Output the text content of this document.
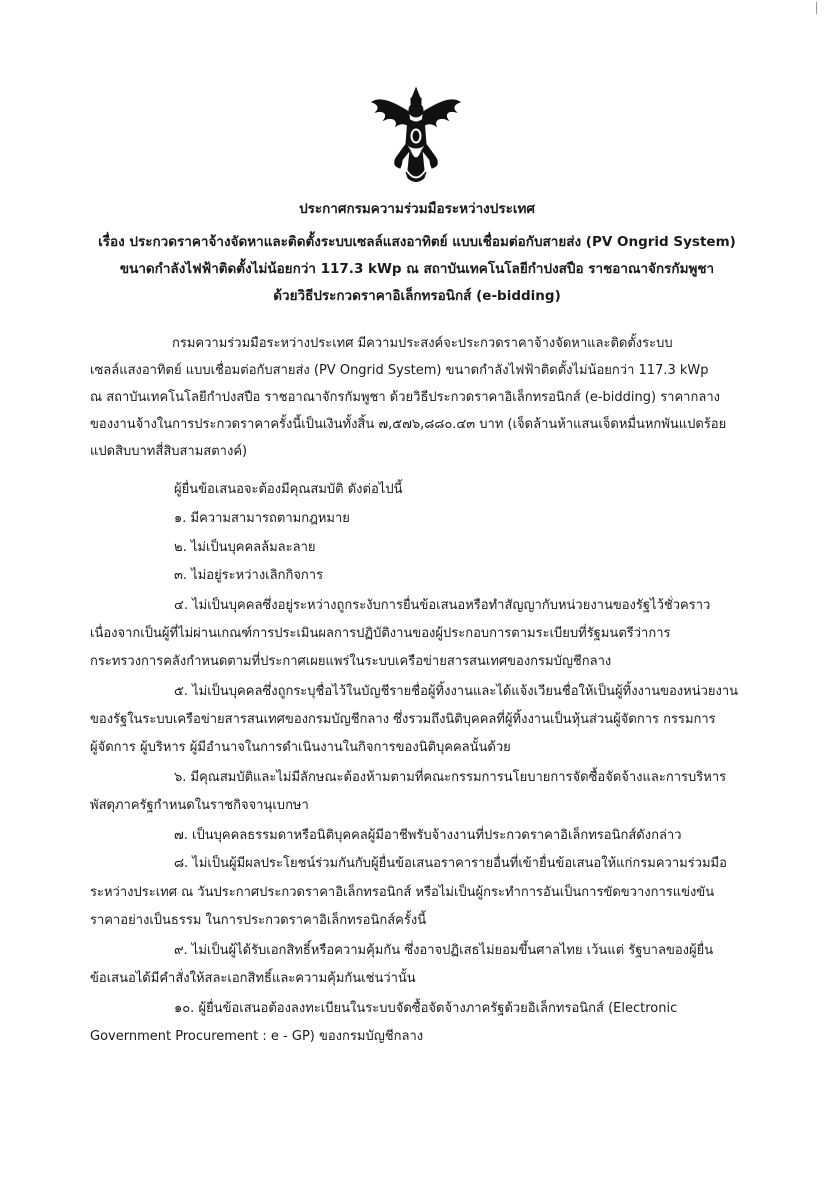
ประกาศกรมความร่วมมือระหว่างประเทศ
เรื่อง ประกวดราคาจ้างจัดหาและติดตั้งระบบเซลล์แสงอาทิตย์ แบบเชื่อมต่อกับสายส่ง (PV Ongrid System)
ขนาดกำลังไฟฟ้าติดตั้งไม่น้อยกว่า 117.3 kWp ณ สถาบันเทคโนโลยีกำปงสปือ ราชอาณาจักรกัมพูชา
ด้วยวิธีประกวดราคาอิเล็กทรอนิกส์ (e-bidding)
กรมความร่วมมือระหว่างประเทศ มีความประสงค์จะประกวดราคาจ้างจัดหาและติดตั้งระบบ
เซลล์แสงอาทิตย์ แบบเชื่อมต่อกับสายส่ง (PV Ongrid System) ขนาดกำลังไฟฟ้าติดตั้งไม่น้อยกว่า 117.3 kWp
ณ สถาบันเทคโนโลยีกำปงสปือ ราชอาณาจักรกัมพูชา ด้วยวิธีประกวดราคาอิเล็กทรอนิกส์ (e-bidding) ราคากลาง
ของงานจ้างในการประกวดราคาครั้งนี้เป็นเงินทั้งสิ้น ๗,๕๗๖,๘๘๐.๔๓ บาท (เจ็ดล้านห้าแสนเจ็ดหมื่นหกพันแปดร้อย
แปดสิบบาทสี่สิบสามสตางค์)
ผู้ยื่นข้อเสนอจะต้องมีคุณสมบัติ ดังต่อไปนี้
๑. มีความสามารถตามกฎหมาย
๒. ไม่เป็นบุคคลล้มละลาย
๓. ไม่อยู่ระหว่างเลิกกิจการ
๔. ไม่เป็นบุคคลซึ่งอยู่ระหว่างถูกระงับการยื่นข้อเสนอหรือทำสัญญากับหน่วยงานของรัฐไว้ชั่วคราว
เนื่องจากเป็นผู้ที่ไม่ผ่านเกณฑ์การประเมินผลการปฏิบัติงานของผู้ประกอบการตามระเบียบที่รัฐมนตรีว่าการ
กระทรวงการคลังกำหนดตามที่ประกาศเผยแพร่ในระบบเครือข่ายสารสนเทศของกรมบัญชีกลาง
๕. ไม่เป็นบุคคลซึ่งถูกระบุชื่อไว้ในบัญชีรายชื่อผู้ทิ้งงานและได้แจ้งเวียนชื่อให้เป็นผู้ทิ้งงานของหน่วยงาน
ของรัฐในระบบเครือข่ายสารสนเทศของกรมบัญชีกลาง ซึ่งรวมถึงนิติบุคคลที่ผู้ทิ้งงานเป็นหุ้นส่วนผู้จัดการ กรรมการ
ผู้จัดการ ผู้บริหาร ผู้มีอำนาจในการดำเนินงานในกิจการของนิติบุคคลนั้นด้วย
๖. มีคุณสมบัติและไม่มีลักษณะต้องห้ามตามที่คณะกรรมการนโยบายการจัดซื้อจัดจ้างและการบริหาร
พัสดุภาครัฐกำหนดในราชกิจจานุเบกษา
๗. เป็นบุคคลธรรมดาหรือนิติบุคคลผู้มีอาชีพรับจ้างงานที่ประกวดราคาอิเล็กทรอนิกส์ดังกล่าว
๘. ไม่เป็นผู้มีผลประโยชน์ร่วมกันกับผู้ยื่นข้อเสนอราคารายอื่นที่เข้ายื่นข้อเสนอให้แก่กรมความร่วมมือ
ระหว่างประเทศ ณ วันประกาศประกวดราคาอิเล็กทรอนิกส์ หรือไม่เป็นผู้กระทำการอันเป็นการขัดขวางการแข่งขัน
ราคาอย่างเป็นธรรม ในการประกวดราคาอิเล็กทรอนิกส์ครั้งนี้
๙. ไม่เป็นผู้ได้รับเอกสิทธิ์หรือความคุ้มกัน ซึ่งอาจปฏิเสธไม่ยอมขึ้นศาลไทย เว้นแต่ รัฐบาลของผู้ยื่น
ข้อเสนอได้มีคำสั่งให้สละเอกสิทธิ์และความคุ้มกันเช่นว่านั้น
๑๐. ผู้ยื่นข้อเสนอต้องลงทะเบียนในระบบจัดซื้อจัดจ้างภาครัฐด้วยอิเล็กทรอนิกส์ (Electronic
Government Procurement : e - GP) ของกรมบัญชีกลาง
